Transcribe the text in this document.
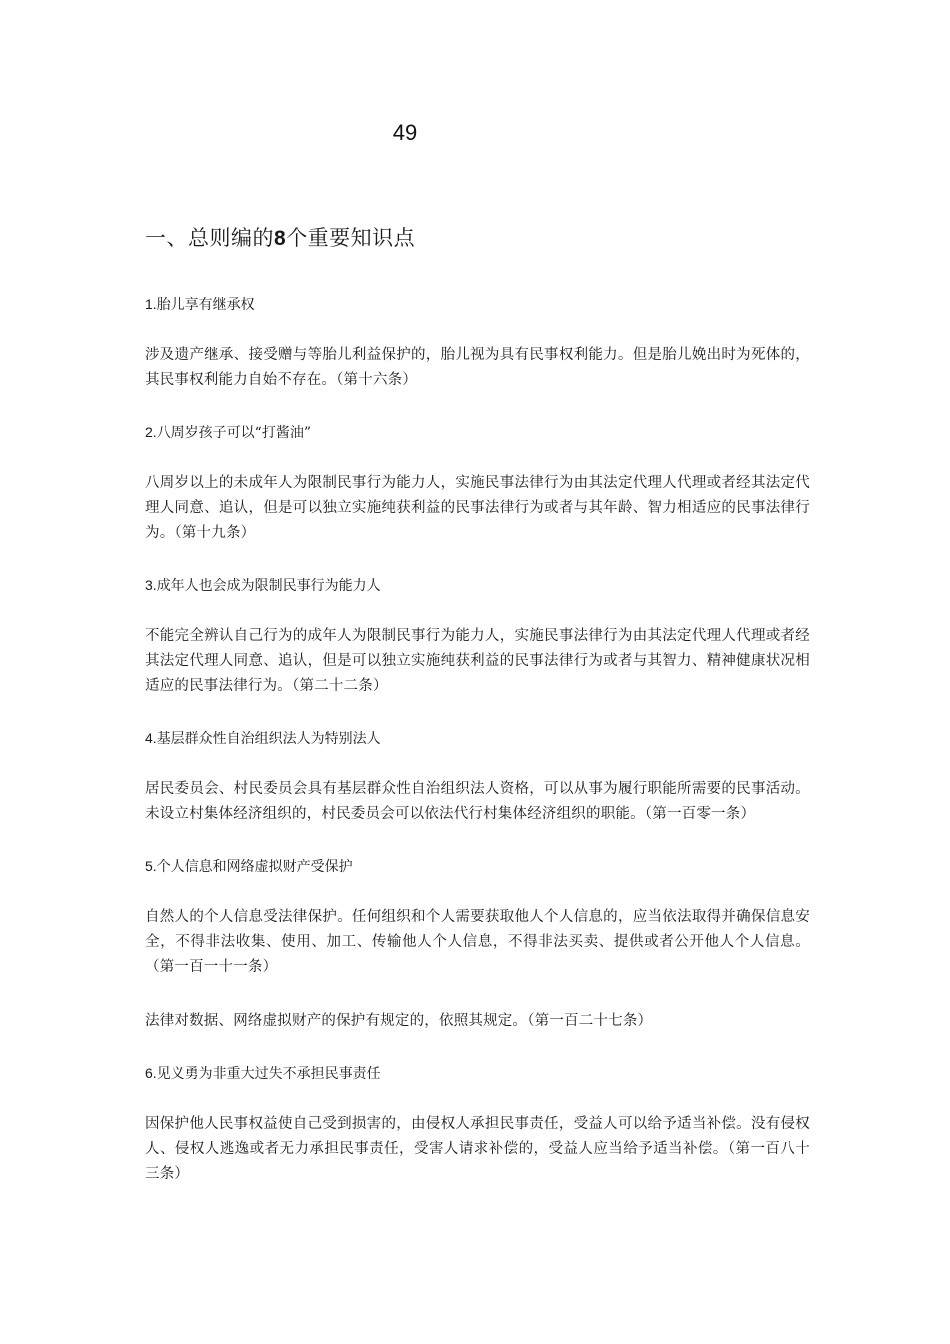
49
一、总则编的8个重要知识点
1.胎儿享有继承权

涉及遗产继承、接受赠与等胎儿利益保护的，胎儿视为具有民事权利能力。但是胎儿娩出时为死体的，其民事权利能力自始不存在。（第十六条）

2.八周岁孩子可以“打酱油”

八周岁以上的未成年人为限制民事行为能力人，实施民事法律行为由其法定代理人代理或者经其法定代理人同意、追认，但是可以独立实施纯获利益的民事法律行为或者与其年龄、智力相适应的民事法律行为。（第十九条）

3.成年人也会成为限制民事行为能力人

不能完全辨认自己行为的成年人为限制民事行为能力人，实施民事法律行为由其法定代理人代理或者经其法定代理人同意、追认，但是可以独立实施纯获利益的民事法律行为或者与其智力、精神健康状况相适应的民事法律行为。（第二十二条）

4.基层群众性自治组织法人为特别法人

居民委员会、村民委员会具有基层群众性自治组织法人资格，可以从事为履行职能所需要的民事活动。未设立村集体经济组织的，村民委员会可以依法代行村集体经济组织的职能。（第一百零一条）

5.个人信息和网络虚拟财产受保护

自然人的个人信息受法律保护。任何组织和个人需要获取他人个人信息的，应当依法取得并确保信息安全，不得非法收集、使用、加工、传输他人个人信息，不得非法买卖、提供或者公开他人个人信息。（第一百一十一条）

法律对数据、网络虚拟财产的保护有规定的，依照其规定。（第一百二十七条）

6.见义勇为非重大过失不承担民事责任

因保护他人民事权益使自己受到损害的，由侵权人承担民事责任，受益人可以给予适当补偿。没有侵权人、侵权人逃逸或者无力承担民事责任，受害人请求补偿的，受益人应当给予适当补偿。（第一百八十三条）
